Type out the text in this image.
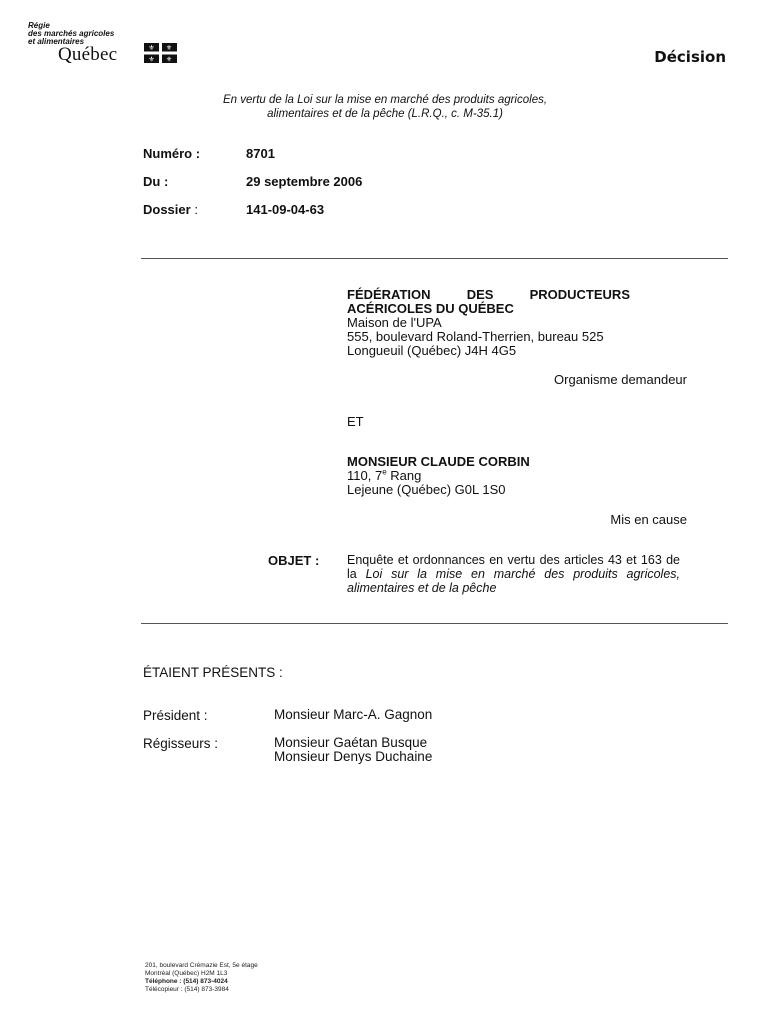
Régie
des marchés agricoles
et alimentaires
Québec	⚜ ⚜
⚜ ⚜	Décision
En vertu de la Loi sur la mise en marché des produits agricoles,
alimentaires et de la pêche (L.R.Q., c. M-35.1)
Numéro :	8701
Du :	29 septembre 2006
Dossier :	141-09-04-63
FÉDÉRATION	DES	PRODUCTEURS
ACÉRICOLES DU QUÉBEC
Maison de l'UPA
555, boulevard Roland-Therrien, bureau 525
Longueuil (Québec) J4H 4G5
Organisme demandeur
ET
MONSIEUR CLAUDE CORBIN
110, 7e Rang
Lejeune (Québec) G0L 1S0
Mis en cause
OBJET : Enquête et ordonnances en vertu des articles 43 et 163 de la Loi sur la mise en marché des produits agricoles, alimentaires et de la pêche
ÉTAIENT PRÉSENTS :
Président :	Monsieur Marc-A. Gagnon
Régisseurs :	Monsieur Gaétan Busque
Monsieur Denys Duchaine
201, boulevard Crémazie Est, 5e étage
Montréal (Québec) H2M 1L3
Téléphone : (514) 873-4024
Télécopieur : (514) 873-3984
